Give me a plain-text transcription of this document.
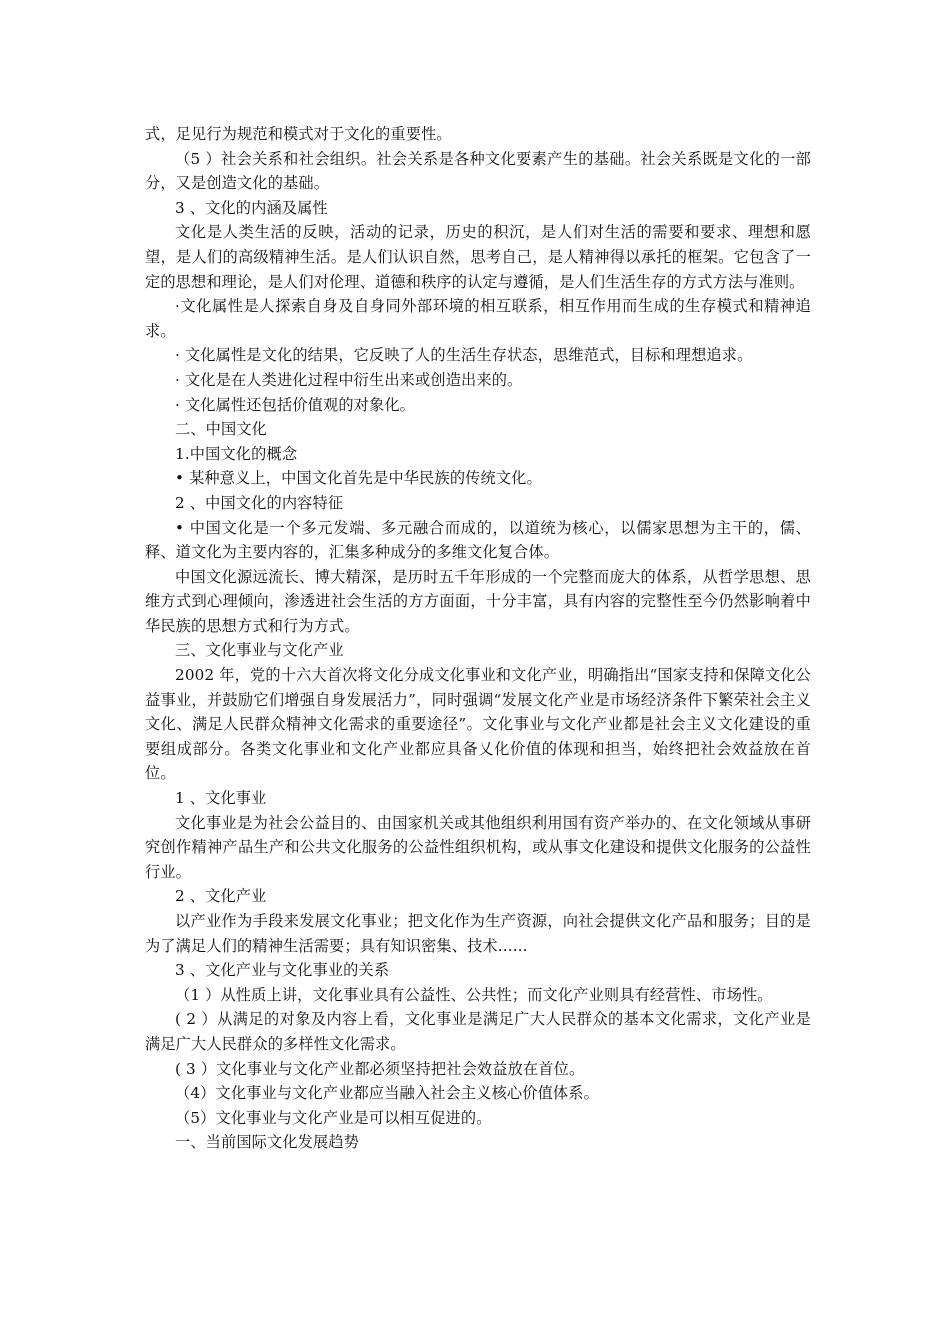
式，足见行为规范和模式对于文化的重要性。

（5 ）社会关系和社会组织。社会关系是各种文化要素产生的基础。社会关系既是文化的一部分，又是创造文化的基础。

3 、文化的内涵及属性

文化是人类生活的反映，活动的记录，历史的积沉，是人们对生活的需要和要求、理想和愿望，是人们的高级精神生活。是人们认识自然，思考自己，是人精神得以承托的框架。它包含了一定的思想和理论，是人们对伦理、道德和秩序的认定与遵循，是人们生活生存的方式方法与准则。

·文化属性是人探索自身及自身同外部环境的相互联系，相互作用而生成的生存模式和精神追求。

· 文化属性是文化的结果，它反映了人的生活生存状态，思维范式，目标和理想追求。

· 文化是在人类进化过程中衍生出来或创造出来的。

· 文化属性还包括价值观的对象化。

二、中国文化

1.中国文化的概念

• 某种意义上，中国文化首先是中华民族的传统文化。

2 、中国文化的内容特征

• 中国文化是一个多元发端、多元融合而成的，以道统为核心，以儒家思想为主干的，儒、释、道文化为主要内容的，汇集多种成分的多维文化复合体。

中国文化源远流长、博大精深，是历时五千年形成的一个完整而庞大的体系，从哲学思想、思维方式到心理倾向，渗透进社会生活的方方面面，十分丰富，具有内容的完整性至今仍然影响着中华民族的思想方式和行为方式。

三、文化事业与文化产业

2002 年，党的十六大首次将文化分成文化事业和文化产业，明确指出“国家支持和保障文化公益事业，并鼓励它们增强自身发展活力”，同时强调“发展文化产业是市场经济条件下繁荣社会主义文化、满足人民群众精神文化需求的重要途径”。文化事业与文化产业都是社会主义文化建设的重要组成部分。各类文化事业和文化产业都应具备乂化价值的体现和担当，始终把社会效益放在首位。

1 、文化事业

文化事业是为社会公益目的、由国家机关或其他组织利用国有资产举办的、在文化领域从事研究创作精神产品生产和公共文化服务的公益性组织机构，或从事文化建设和提供文化服务的公益性行业。

2 、文化产业

以产业作为手段来发展文化事业；把文化作为生产资源，向社会提供文化产品和服务；目的是为了满足人们的精神生活需要；具有知识密集、技术......

3 、文化产业与文化事业的关系

（1 ）从性质上讲，文化事业具有公益性、公共性；而文化产业则具有经营性、市场性。

( 2 ）从满足的对象及内容上看，文化事业是满足广大人民群众的基本文化需求，文化产业是满足广大人民群众的多样性文化需求。

( 3 ）文化事业与文化产业都必须坚持把社会效益放在首位。

（4）文化事业与文化产业都应当融入社会主义核心价值体系。

（5）文化事业与文化产业是可以相互促进的。

一、当前国际文化发展趋势
